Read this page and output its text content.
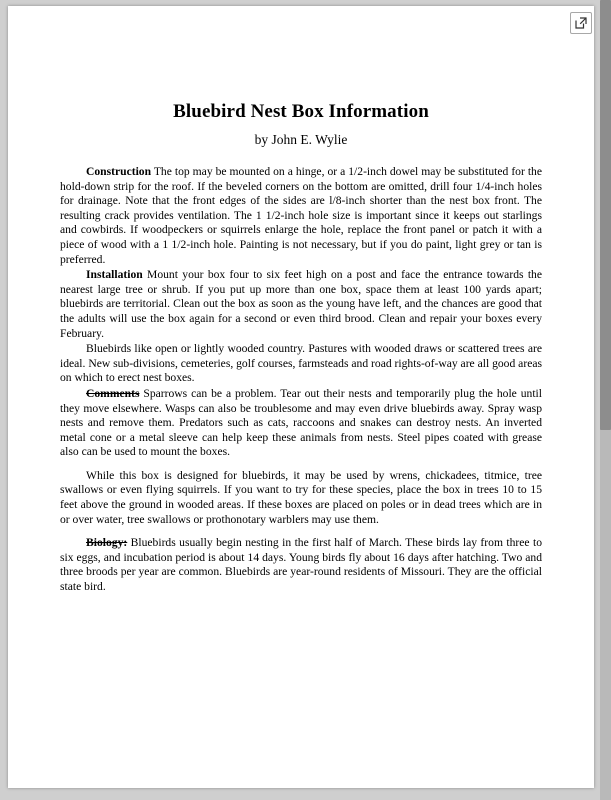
Bluebird Nest Box Information
by John E. Wylie

Construction The top may be mounted on a hinge, or a 1/2-inch dowel may be substituted for the hold-down strip for the roof. If the beveled corners on the bottom are omitted, drill four 1/4-inch holes for drainage. Note that the front edges of the sides are l/8-inch shorter than the nest box front. The resulting crack provides ventilation. The 1 1/2-inch hole size is important since it keeps out starlings and cowbirds. If woodpeckers or squirrels enlarge the hole, replace the front panel or patch it with a piece of wood with a 1 1/2-inch hole. Painting is not necessary, but if you do paint, light grey or tan is preferred.

Installation Mount your box four to six feet high on a post and face the entrance towards the nearest large tree or shrub. If you put up more than one box, space them at least 100 yards apart; bluebirds are territorial. Clean out the box as soon as the young have left, and the chances are good that the adults will use the box again for a second or even third brood. Clean and repair your boxes every February.

Bluebirds like open or lightly wooded country. Pastures with wooded draws or scattered trees are ideal. New sub-divisions, cemeteries, golf courses, farmsteads and road rights-of-way are all good areas on which to erect nest boxes.

Comments Sparrows can be a problem. Tear out their nests and temporarily plug the hole until they move elsewhere. Wasps can also be troublesome and may even drive bluebirds away. Spray wasp nests and remove them. Predators such as cats, raccoons and snakes can destroy nests. An inverted metal cone or a metal sleeve can help keep these animals from nests. Steel pipes coated with grease also can be used to mount the boxes.

While this box is designed for bluebirds, it may be used by wrens, chickadees, titmice, tree swallows or even flying squirrels. If you want to try for these species, place the box in trees 10 to 15 feet above the ground in wooded areas. If these boxes are placed on poles or in dead trees which are in or over water, tree swallows or prothonotary warblers may use them.

Biology: Bluebirds usually begin nesting in the first half of March. These birds lay from three to six eggs, and incubation period is about 14 days. Young birds fly about 16 days after hatching. Two and three broods per year are common. Bluebirds are year-round residents of Missouri. They are the official state bird.
